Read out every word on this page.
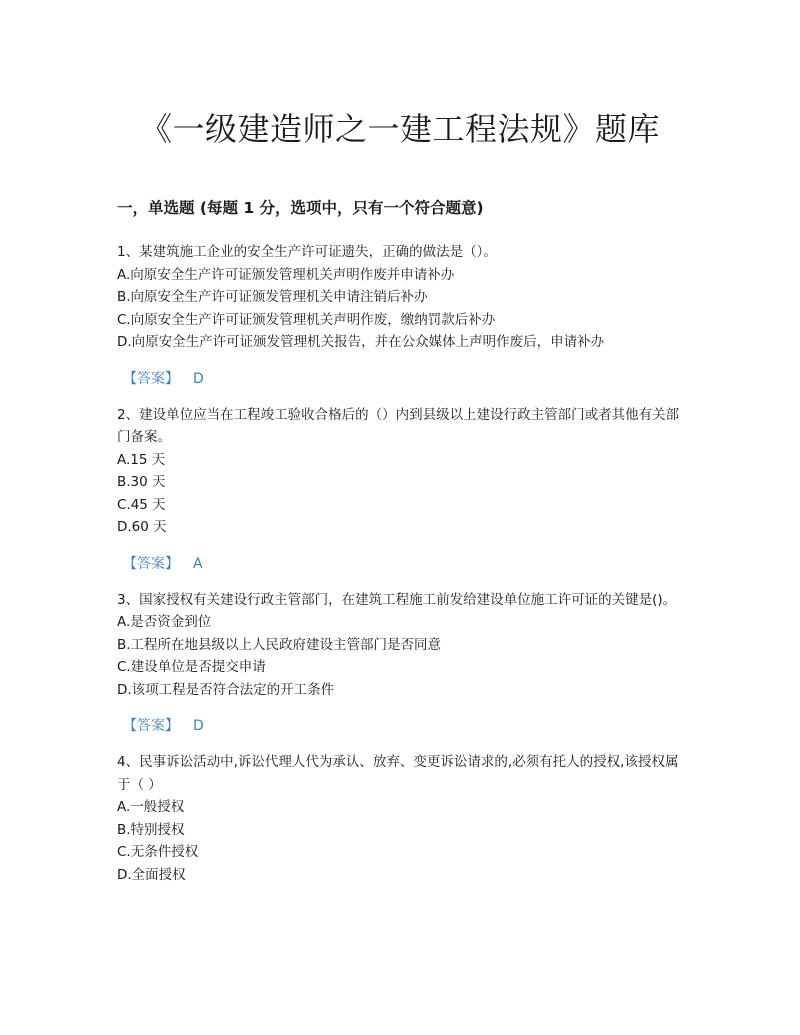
《一级建造师之一建工程法规》题库
一，单选题 (每题 1 分，选项中，只有一个符合题意)

1、某建筑施工企业的安全生产许可证遗失，正确的做法是（）。

A.向原安全生产许可证颁发管理机关声明作废并申请补办

B.向原安全生产许可证颁发管理机关申请注销后补办

C.向原安全生产许可证颁发管理机关声明作废，缴纳罚款后补办

D.向原安全生产许可证颁发管理机关报告，并在公众媒体上声明作废后，申请补办

【答案】 D

2、建设单位应当在工程竣工验收合格后的（）内到县级以上建设行政主管部门或者其他有关部门备案。

A.15 天

B.30 天

C.45 天

D.60 天

【答案】 A

3、国家授权有关建设行政主管部门，在建筑工程施工前发给建设单位施工许可证的关键是()。

A.是否资金到位

B.工程所在地县级以上人民政府建设主管部门是否同意

C.建设单位是否提交申请

D.该项工程是否符合法定的开工条件

【答案】 D

4、民事诉讼活动中,诉讼代理人代为承认、放弃、变更诉讼请求的,必须有托人的授权,该授权属于（ ）

A.一般授权

B.特别授权

C.无条件授权

D.全面授权
